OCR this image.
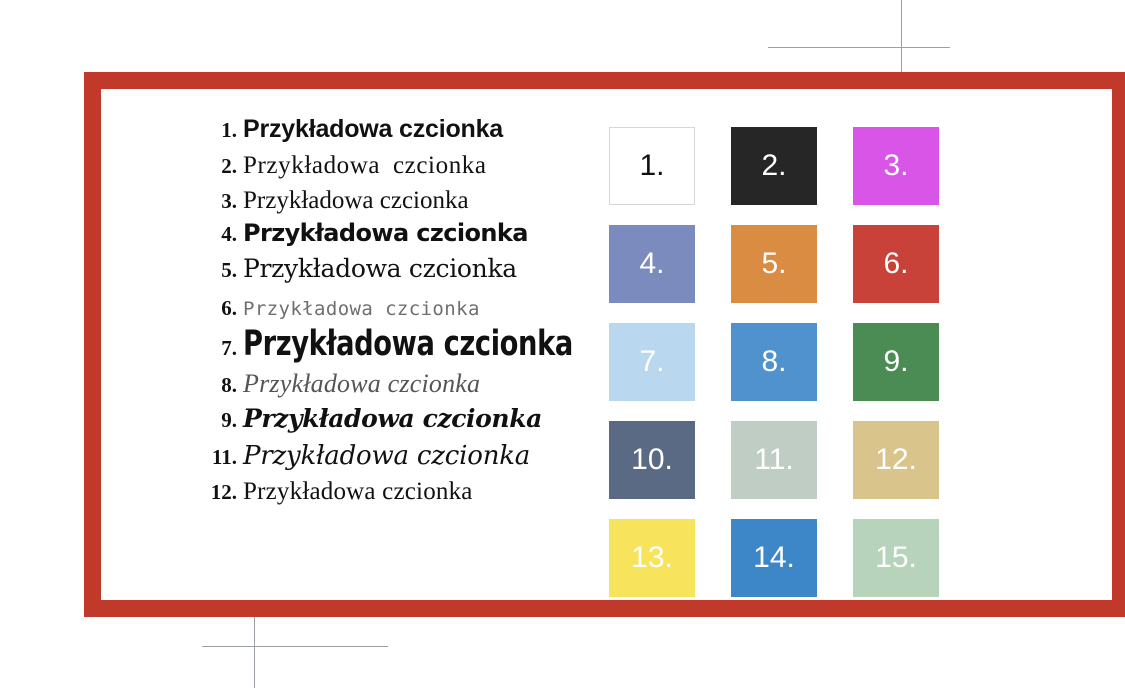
1. Przykładowa czcionka
2. Przykładowa czcionka
3. Przykładowa czcionka
4. Przykładowa czcionka
5. Przykładowa czcionka
6. Przykładowa czcionka
7. Przykładowa czcionka
8. Przykładowa czcionka
9. Przykładowa czcionka
11. Przykładowa czcionka
12. Przykładowa czcionka
1.	2.	3.
4.	5.	6.
7.	8.	9.
10.	11.	12.
13.	14.	15.
